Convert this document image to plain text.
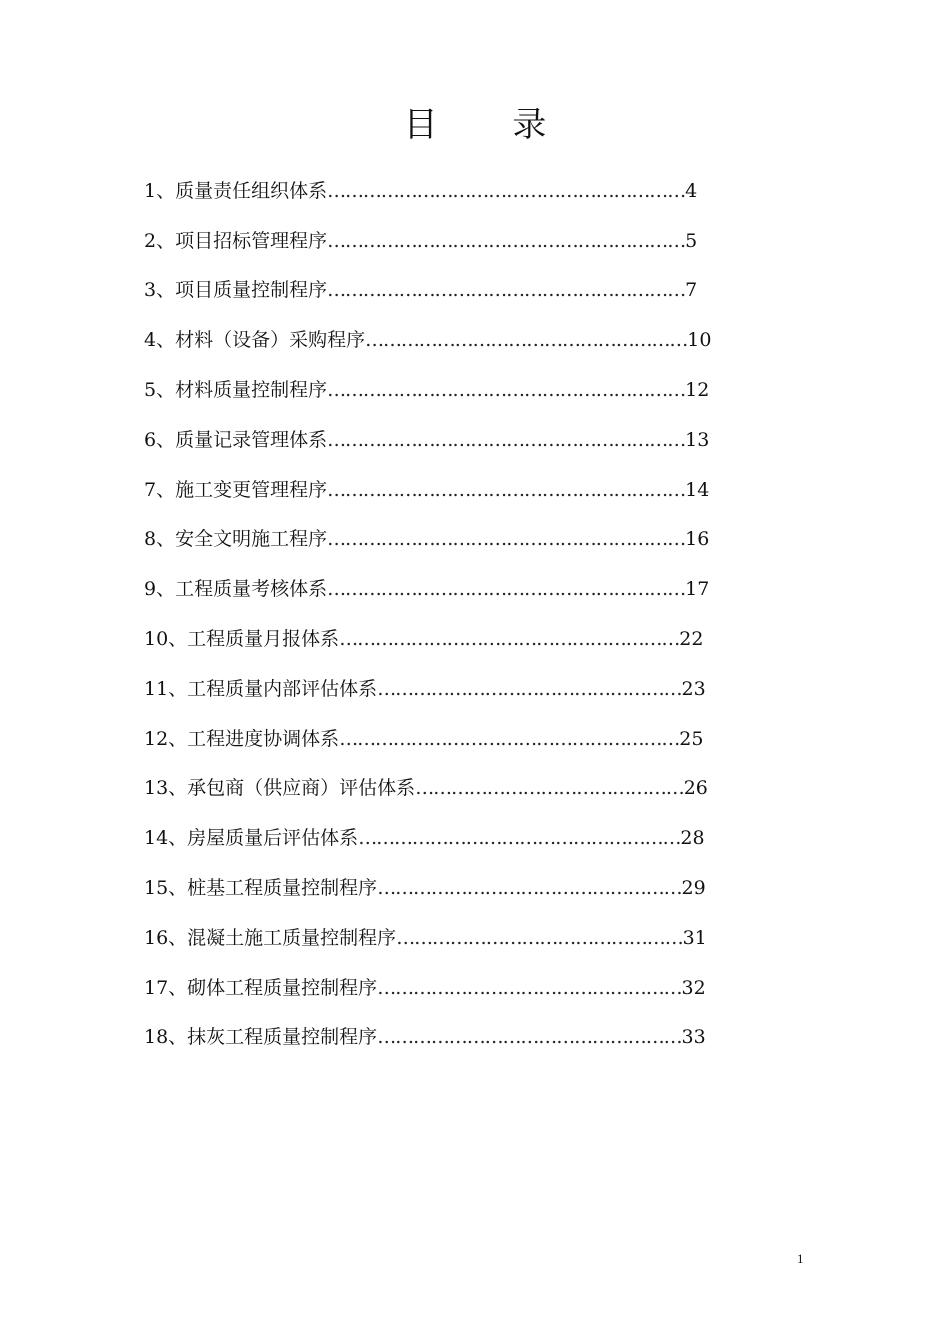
目 录
1、质量责任组织体系 …………………………………………………… 4
2、项目招标管理程序 …………………………………………………… 5
3、项目质量控制程序 …………………………………………………… 7
4、材料（设备）采购程序 ……………………………………………… 10
5、材料质量控制程序 …………………………………………………… 12
6、质量记录管理体系 …………………………………………………… 13
7、施工变更管理程序 …………………………………………………… 14
8、安全文明施工程序 …………………………………………………… 16
9、工程质量考核体系 …………………………………………………… 17
10、工程质量月报体系 ………………………………………………… 22
11、工程质量内部评估体系 …………………………………………… 23
12、工程进度协调体系 ………………………………………………… 25
13、承包商（供应商）评估体系 ……………………………………… 26
14、房屋质量后评估体系 ……………………………………………… 28
15、桩基工程质量控制程序 …………………………………………… 29
16、混凝土施工质量控制程序 ………………………………………… 31
17、砌体工程质量控制程序 …………………………………………… 32
18、抹灰工程质量控制程序 …………………………………………… 33
1
